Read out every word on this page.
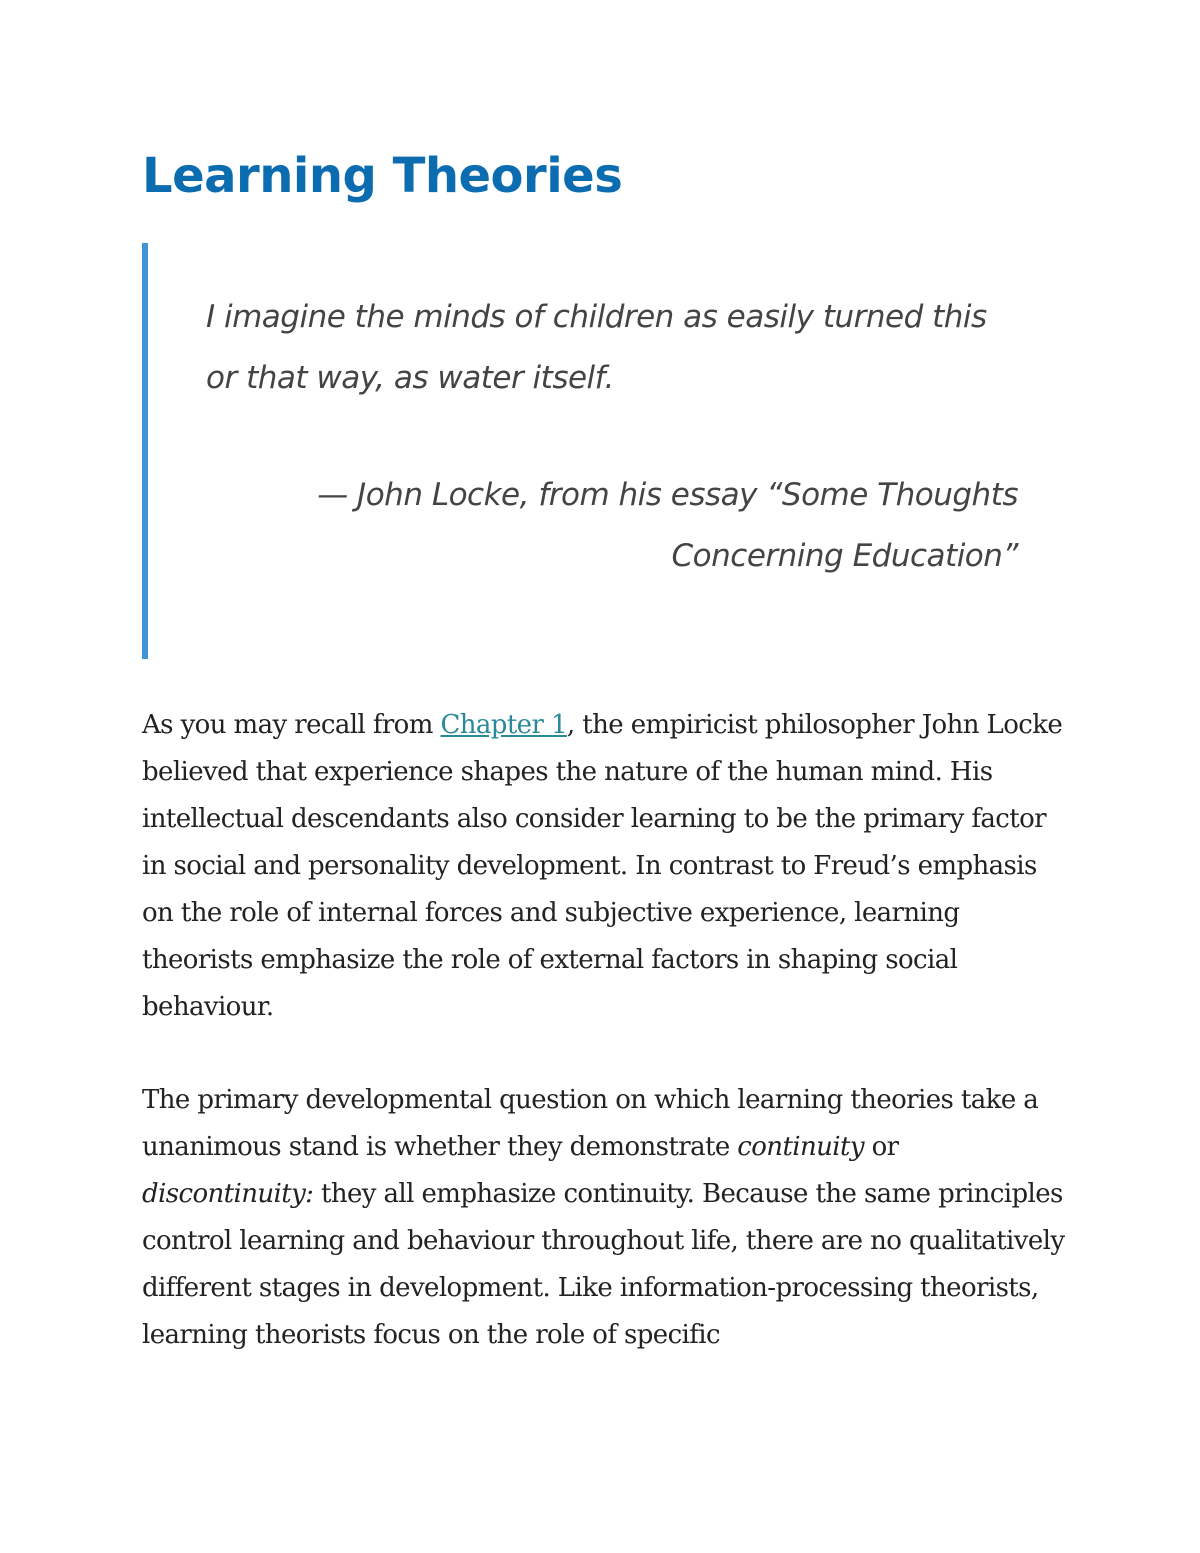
Learning Theories

I imagine the minds of children as easily turned this or that way, as water itself.

— John Locke, from his essay “Some Thoughts Concerning Education”

As you may recall from Chapter 1, the empiricist philosopher John Locke believed that experience shapes the nature of the human mind. His intellectual descendants also consider learning to be the primary factor in social and personality development. In contrast to Freud’s emphasis on the role of internal forces and subjective experience, learning theorists emphasize the role of external factors in shaping social behaviour.

The primary developmental question on which learning theories take a unanimous stand is whether they demonstrate continuity or discontinuity: they all emphasize continuity. Because the same principles control learning and behaviour throughout life, there are no qualitatively different stages in development. Like information-processing theorists, learning theorists focus on the role of specific
